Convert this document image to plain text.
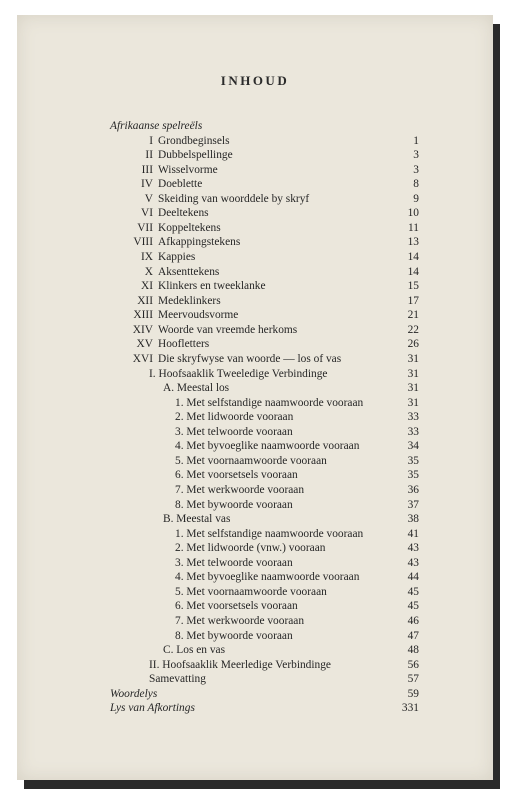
INHOUD
Afrikaanse spelreëls
I Grondbeginsels	1
II Dubbelspellinge	3
III Wisselvorme	3
IV Doeblette	8
V Skeiding van woorddele by skryf	9
VI Deeltekens	10
VII Koppeltekens	11
VIII Afkappingstekens	13
IX Kappies	14
X Aksenttekens	14
XI Klinkers en tweeklanke	15
XII Medeklinkers	17
XIII Meervoudsvorme	21
XIV Woorde van vreemde herkoms	22
XV Hoofletters	26
XVI Die skryfwyse van woorde — los of vas	31
I. Hoofsaaklik Tweeledige Verbindinge	31
A. Meestal los	31
1. Met selfstandige naamwoorde vooraan	31
2. Met lidwoorde vooraan	33
3. Met telwoorde vooraan	33
4. Met byvoeglike naamwoorde vooraan	34
5. Met voornaamwoorde vooraan	35
6. Met voorsetsels vooraan	35
7. Met werkwoorde vooraan	36
8. Met bywoorde vooraan	37
B. Meestal vas	38
1. Met selfstandige naamwoorde vooraan	41
2. Met lidwoorde (vnw.) vooraan	43
3. Met telwoorde vooraan	43
4. Met byvoeglike naamwoorde vooraan	44
5. Met voornaamwoorde vooraan	45
6. Met voorsetsels vooraan	45
7. Met werkwoorde vooraan	46
8. Met bywoorde vooraan	47
C. Los en vas	48
II. Hoofsaaklik Meerledige Verbindinge	56
Samevatting	57
Woordelys	59
Lys van Afkortings	331
